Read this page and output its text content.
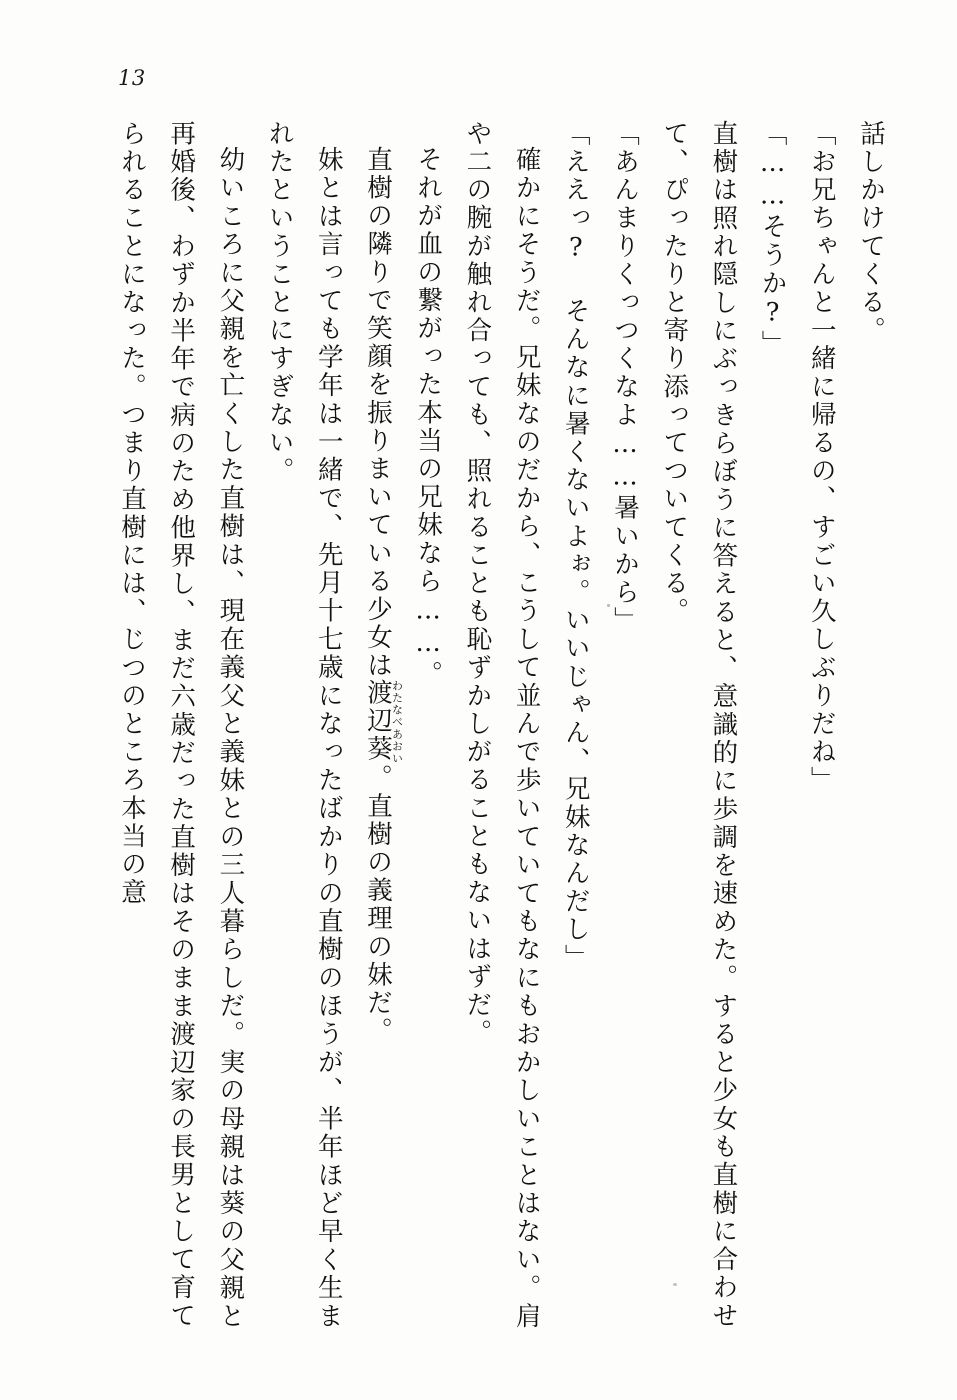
13

話しかけてくる。

「お兄ちゃんと一緒に帰るの、すごい久しぶりだね」

「……そうか?」

直樹は照れ隠しにぶっきらぼうに答えると、意識的に歩調を速めた。すると少女も直樹に合わせて、ぴったりと寄り添ってついてくる。

「あんまりくっつくなよ……暑いから」

「ええっ? そんなに暑くないよぉ。いいじゃん、兄妹なんだし」

確かにそうだ。兄妹なのだから、こうして並んで歩いていてもなにもおかしいことはない。肩や二の腕が触れ合っても、照れることも恥ずかしがることもないはずだ。

それが血の繋がった本当の兄妹なら……。

直樹の隣りで笑顔を振りまいている少女は渡辺葵わたなべあおい。直樹の義理の妹だ。

妹とは言っても学年は一緒で、先月十七歳になったばかりの直樹のほうが、半年ほど早く生まれたということにすぎない。

幼いころに父親を亡くした直樹は、現在義父と義妹との三人暮らしだ。実の母親は葵の父親と再婚後、わずか半年で病のため他界し、まだ六歳だった直樹はそのまま渡辺家の長男として育てられることになった。つまり直樹には、じつのところ本当の意
